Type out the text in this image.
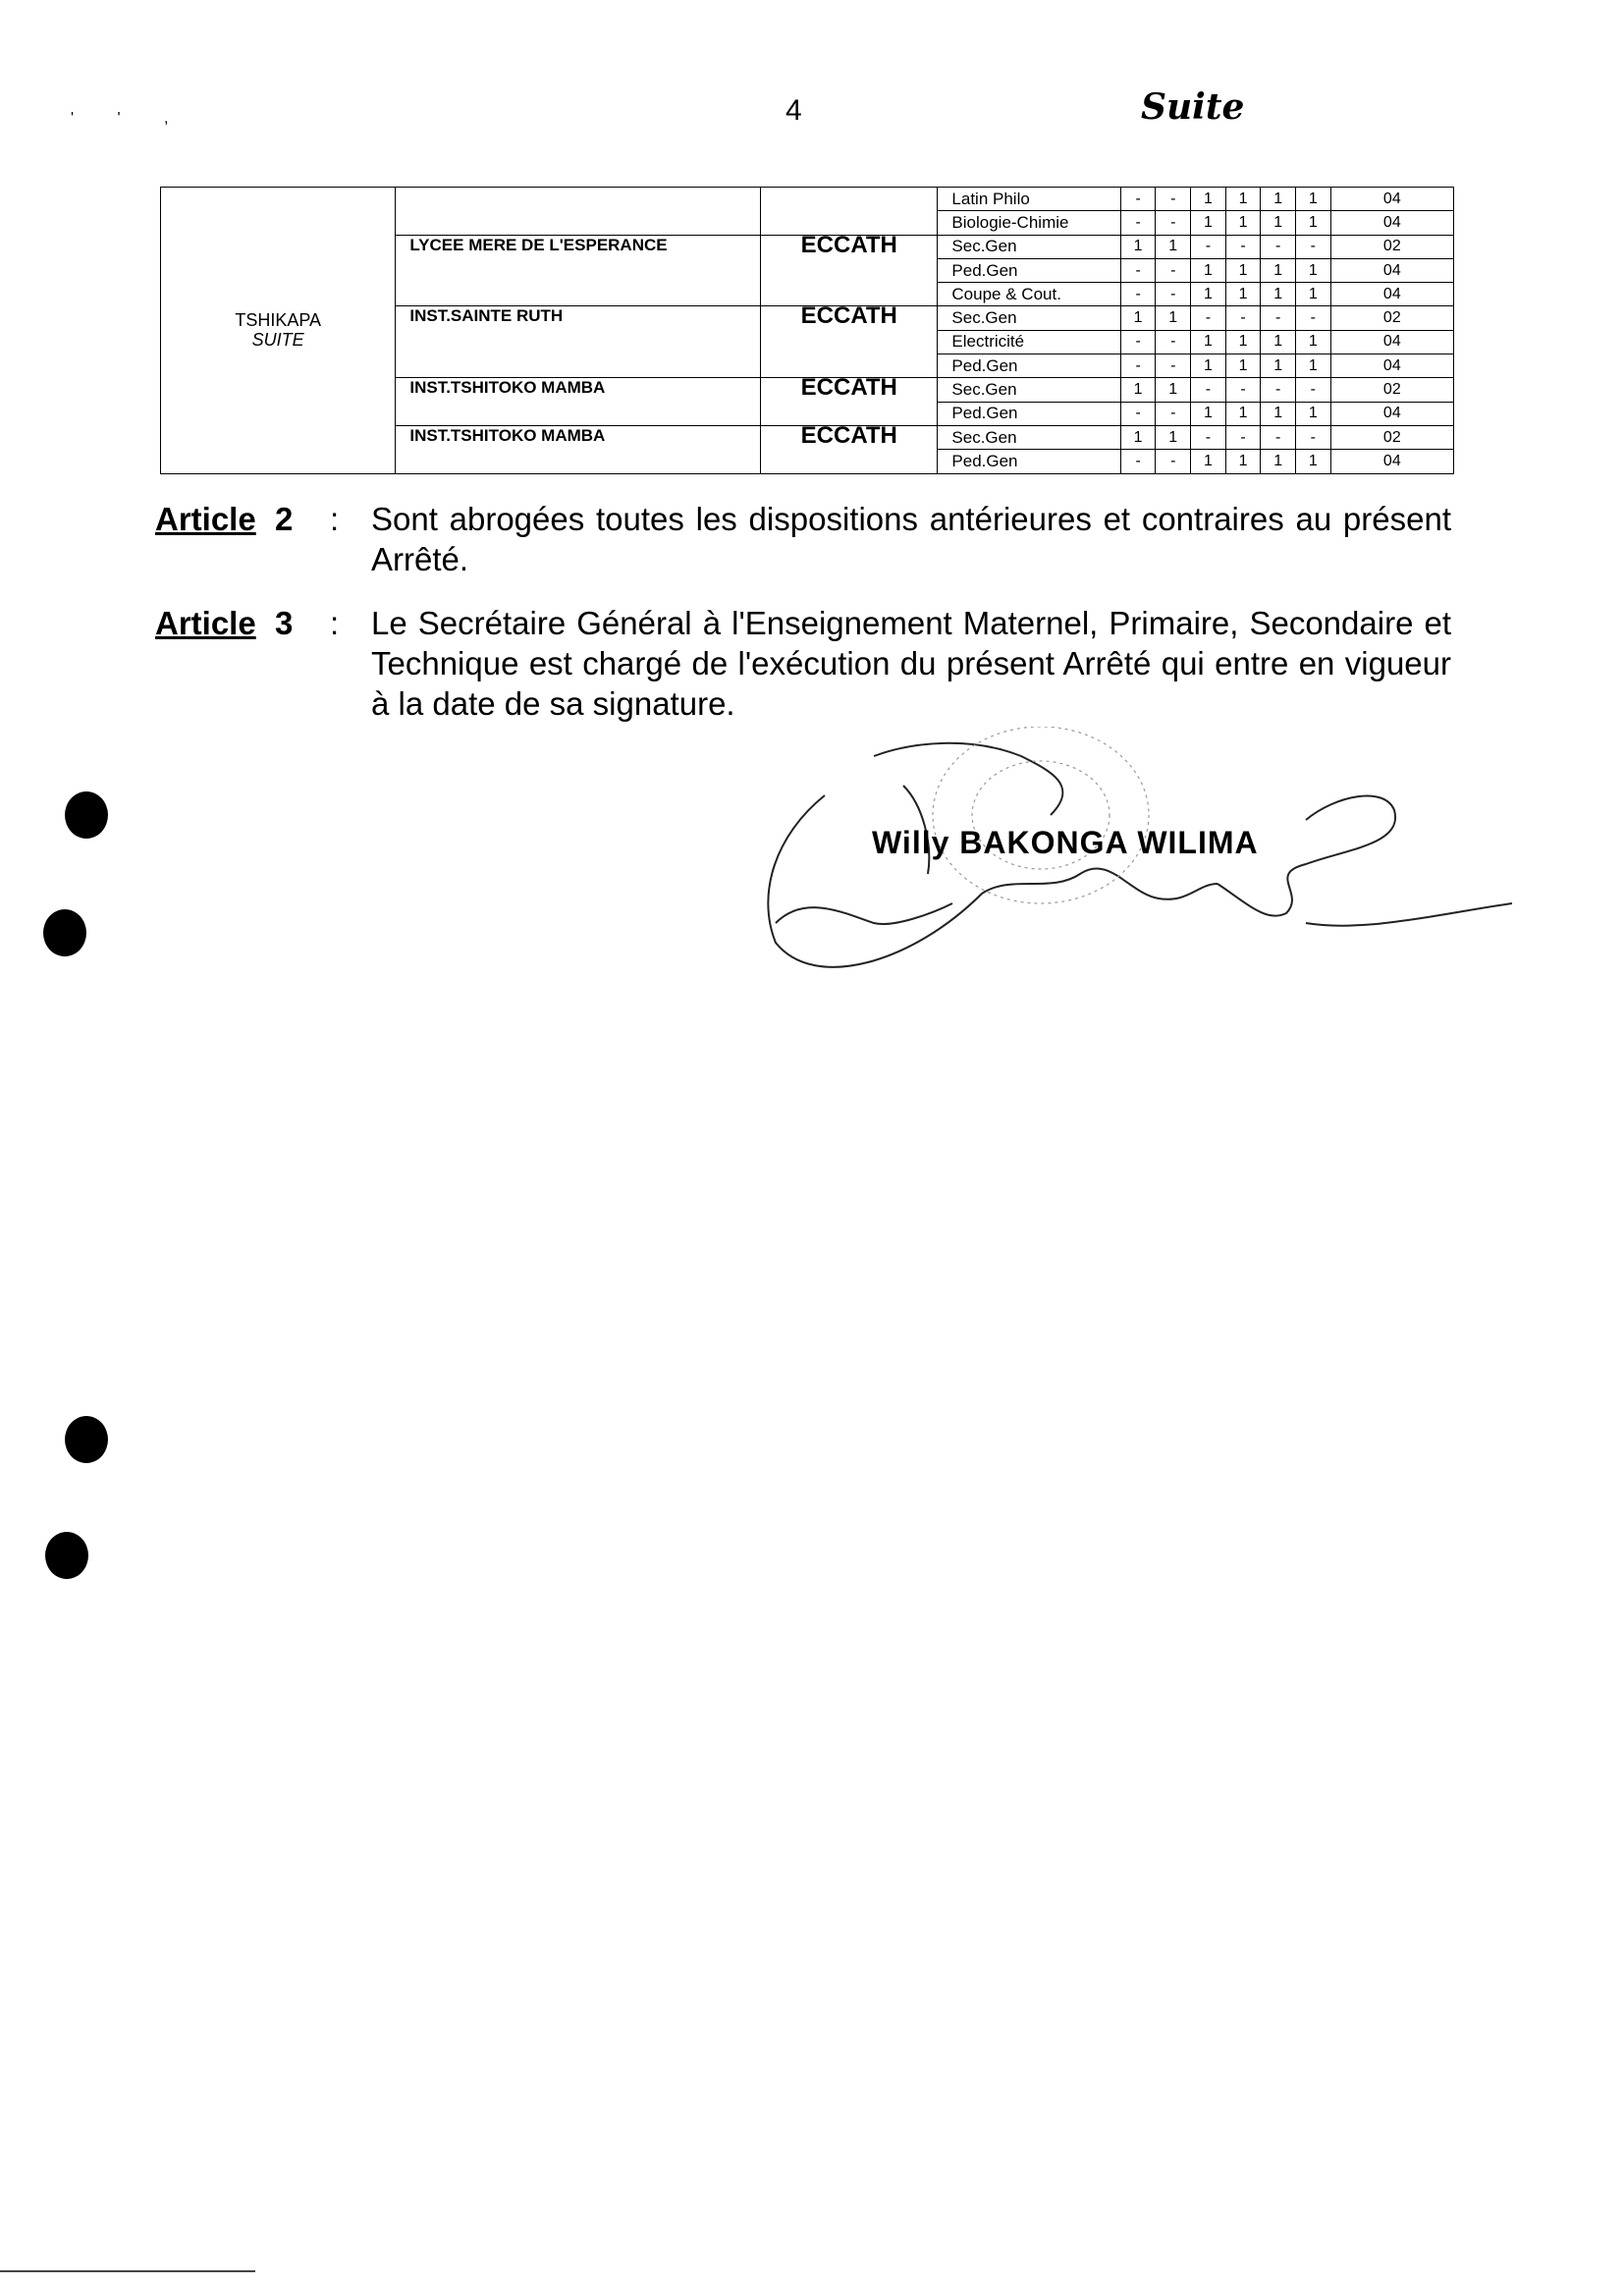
' ' ,	4	Suite
TSHIKAPA
SUITE			Latin Philo	-	-	1	1	1	1	04
			Biologie-Chimie	-	-	1	1	1	1	04
	LYCEE MERE DE L'ESPERANCE	ECCATH	Sec.Gen	1	1	-	-	-	-	02
			Ped.Gen	-	-	1	1	1	1	04
			Coupe & Cout.	-	-	1	1	1	1	04
	INST.SAINTE RUTH	ECCATH	Sec.Gen	1	1	-	-	-	-	02
			Electricité	-	-	1	1	1	1	04
			Ped.Gen	-	-	1	1	1	1	04
	INST.TSHITOKO MAMBA	ECCATH	Sec.Gen	1	1	-	-	-	-	02
			Ped.Gen	-	-	1	1	1	1	04
	INST.TSHITOKO MAMBA	ECCATH	Sec.Gen	1	1	-	-	-	-	02
			Ped.Gen	-	-	1	1	1	1	04
Article 2 : Sont abrogées toutes les dispositions antérieures et contraires au présent Arrêté.
Article 3 : Le Secrétaire Général à l'Enseignement Maternel, Primaire, Secondaire et Technique est chargé de l'exécution du présent Arrêté qui entre en vigueur à la date de sa signature.
Willy BAKONGA WILIMA
